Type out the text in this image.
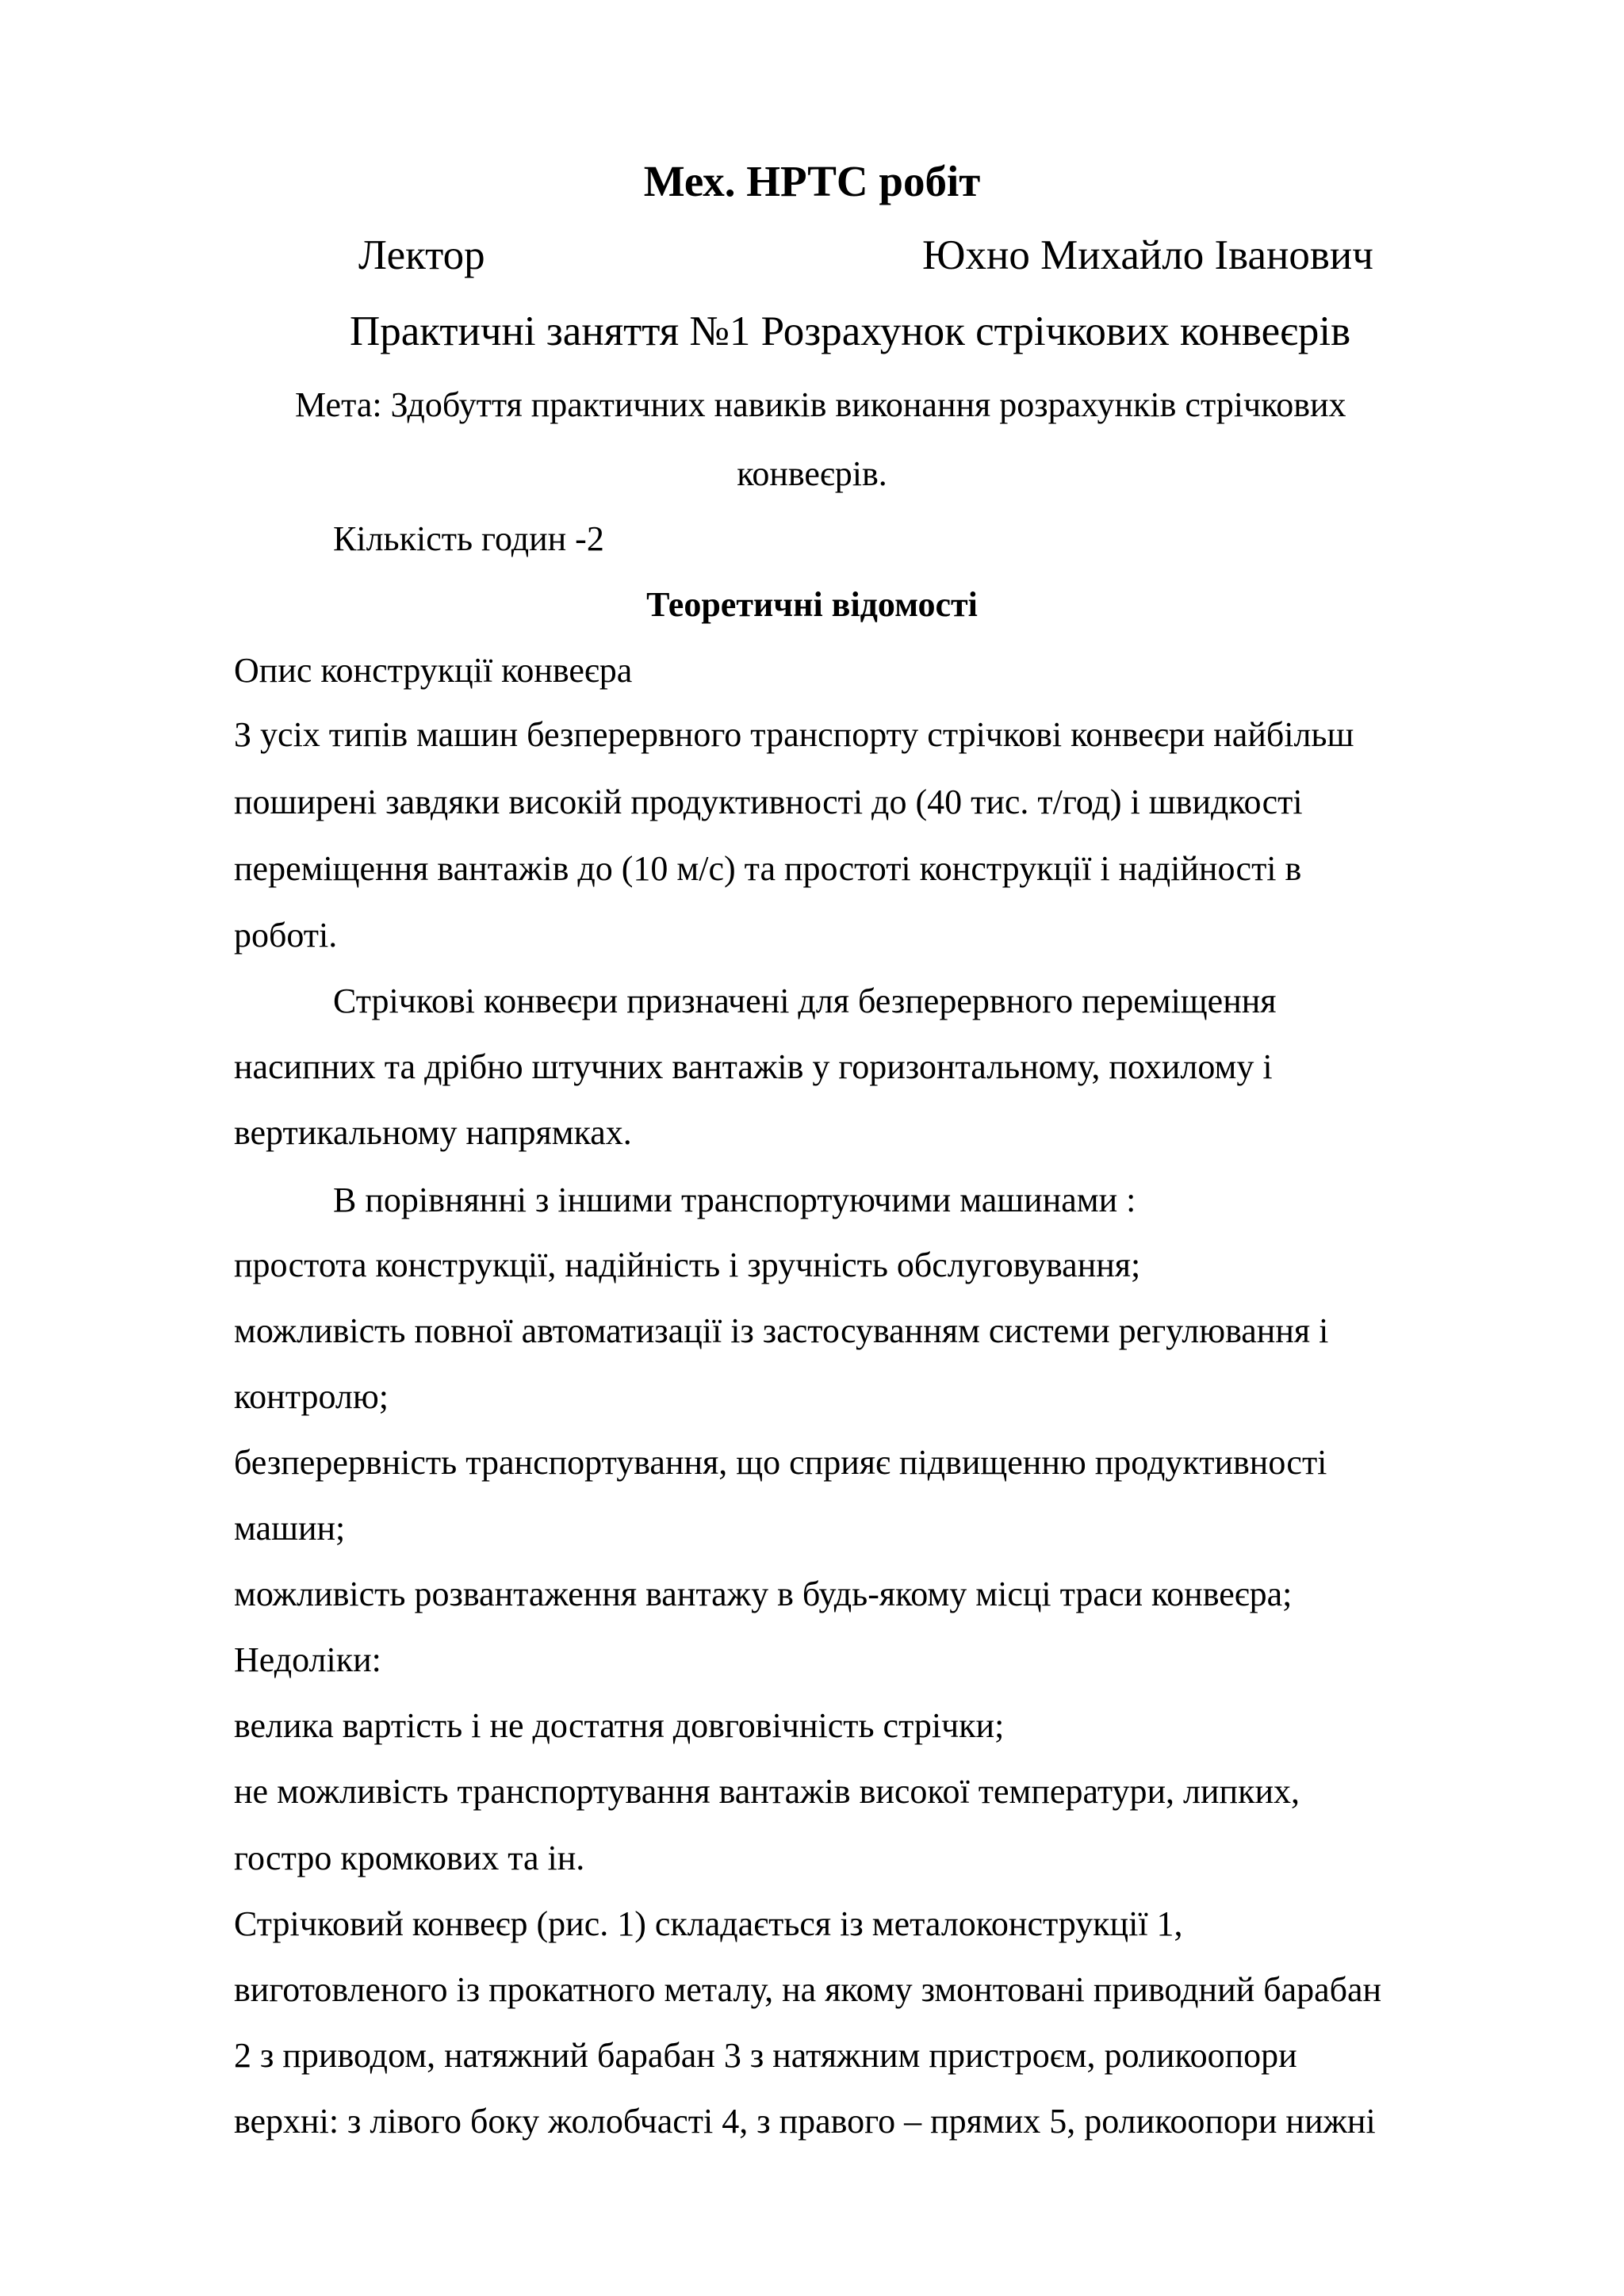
Мех. НРТС робіт
Лектор	Юхно Михайло Іванович
Практичні заняття №1 Розрахунок стрічкових конвеєрів
Мета: Здобуття практичних навиків виконання розрахунків стрічкових
конвеєрів.
Кількість годин -2
Теоретичні відомості
Опис конструкції конвеєра
З усіх типів машин безперервного транспорту стрічкові конвеєри найбільш
поширені завдяки високій продуктивності до (40 тис. т/год) і швидкості
переміщення вантажів до (10 м/с) та простоті конструкції і надійності в
роботі.
Стрічкові конвеєри призначені для безперервного переміщення
насипних та дрібно штучних вантажів у горизонтальному, похилому і
вертикальному напрямках.
В порівнянні з іншими транспортуючими машинами :
простота конструкції, надійність і зручність обслуговування;
можливість повної автоматизації із застосуванням системи регулювання і
контролю;
безперервність транспортування, що сприяє підвищенню продуктивності
машин;
можливість розвантаження вантажу в будь-якому місці траси конвеєра;
Недоліки:
велика вартість і не достатня довговічність стрічки;
не можливість транспортування вантажів високої температури, липких,
гостро кромкових та ін.
Стрічковий конвеєр (рис. 1) складається із металоконструкції 1,
виготовленого із прокатного металу, на якому змонтовані приводний барабан
2 з приводом, натяжний барабан 3 з натяжним пристроєм, роликоопори
верхні: з лівого боку жолобчасті 4, з правого – прямих 5, роликоопори нижні
